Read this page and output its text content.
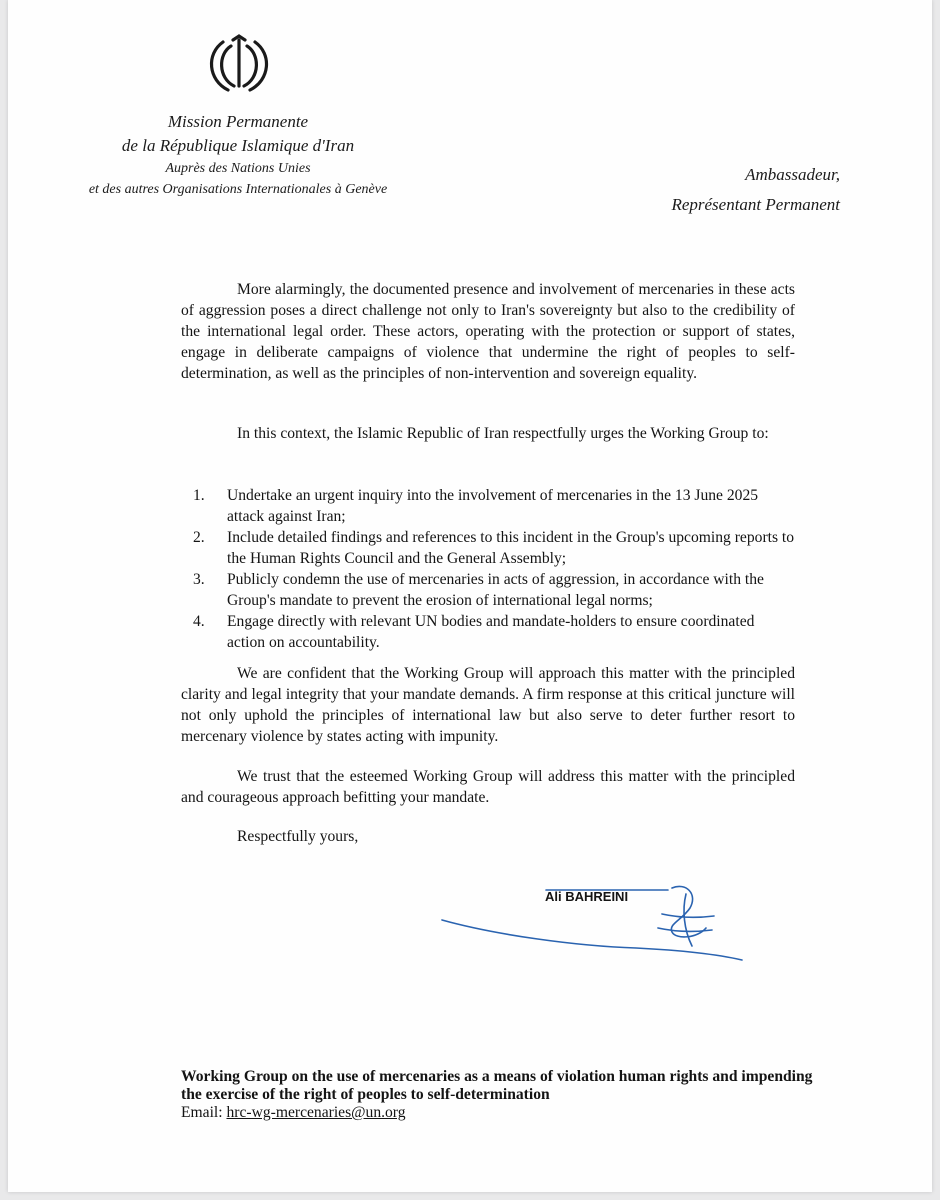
Mission Permanente
de la République Islamique d'Iran
Auprès des Nations Unies
et des autres Organisations Internationales à Genève
Ambassadeur,
Représentant Permanent

More alarmingly, the documented presence and involvement of mercenaries in these acts of aggression poses a direct challenge not only to Iran's sovereignty but also to the credibility of the international legal order. These actors, operating with the protection or support of states, engage in deliberate campaigns of violence that undermine the right of peoples to self-determination, as well as the principles of non-intervention and sovereign equality.

In this context, the Islamic Republic of Iran respectfully urges the Working Group to:

1. Undertake an urgent inquiry into the involvement of mercenaries in the 13 June 2025 attack against Iran;
2. Include detailed findings and references to this incident in the Group's upcoming reports to the Human Rights Council and the General Assembly;
3. Publicly condemn the use of mercenaries in acts of aggression, in accordance with the Group's mandate to prevent the erosion of international legal norms;
4. Engage directly with relevant UN bodies and mandate-holders to ensure coordinated action on accountability.

We are confident that the Working Group will approach this matter with the principled clarity and legal integrity that your mandate demands. A firm response at this critical juncture will not only uphold the principles of international law but also serve to deter further resort to mercenary violence by states acting with impunity.

We trust that the esteemed Working Group will address this matter with the principled and courageous approach befitting your mandate.

Respectfully yours,
Ali BAHREINI
Working Group on the use of mercenaries as a means of violation human rights and impending the exercise of the right of peoples to self-determination
Email: hrc-wg-mercenaries@un.org
